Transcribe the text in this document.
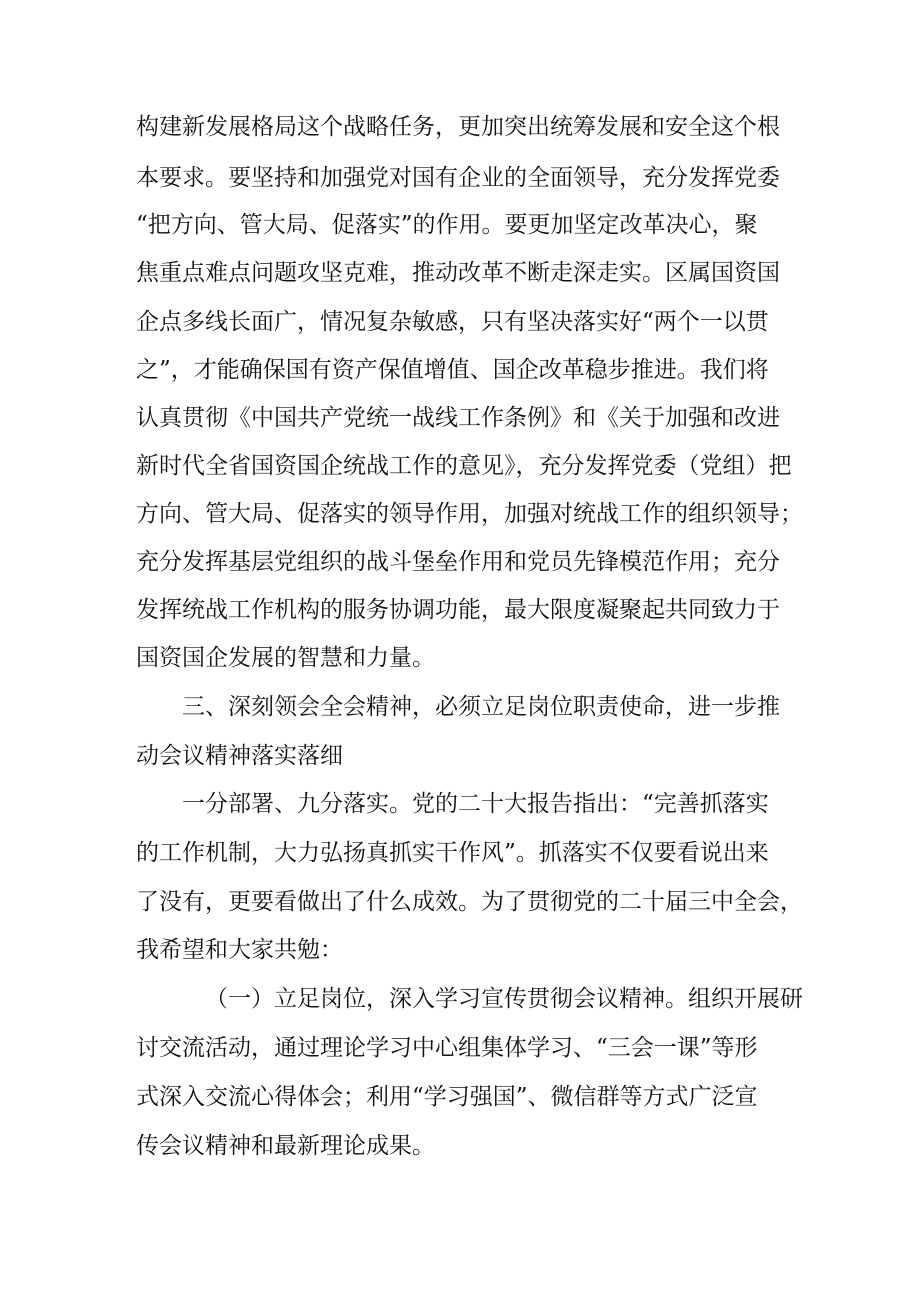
构建新发展格局这个战略任务，更加突出统筹发展和安全这个根
本要求。要坚持和加强党对国有企业的全面领导，充分发挥党委
“把方向、管大局、促落实”的作用。要更加坚定改革决心，聚
焦重点难点问题攻坚克难，推动改革不断走深走实。区属国资国
企点多线长面广，情况复杂敏感，只有坚决落实好“两个一以贯
之”，才能确保国有资产保值增值、国企改革稳步推进。我们将
认真贯彻《中国共产党统一战线工作条例》和《关于加强和改进
新时代全省国资国企统战工作的意见》，充分发挥党委（党组）把
方向、管大局、促落实的领导作用，加强对统战工作的组织领导；
充分发挥基层党组织的战斗堡垒作用和党员先锋模范作用；充分
发挥统战工作机构的服务协调功能，最大限度凝聚起共同致力于
国资国企发展的智慧和力量。
三、深刻领会全会精神，必须立足岗位职责使命，进一步推
动会议精神落实落细
一分部署、九分落实。党的二十大报告指出：“完善抓落实
的工作机制，大力弘扬真抓实干作风”。抓落实不仅要看说出来
了没有，更要看做出了什么成效。为了贯彻党的二十届三中全会，
我希望和大家共勉：
（一）立足岗位，深入学习宣传贯彻会议精神。组织开展研
讨交流活动，通过理论学习中心组集体学习、“三会一课”等形
式深入交流心得体会；利用“学习强国”、微信群等方式广泛宣
传会议精神和最新理论成果。
